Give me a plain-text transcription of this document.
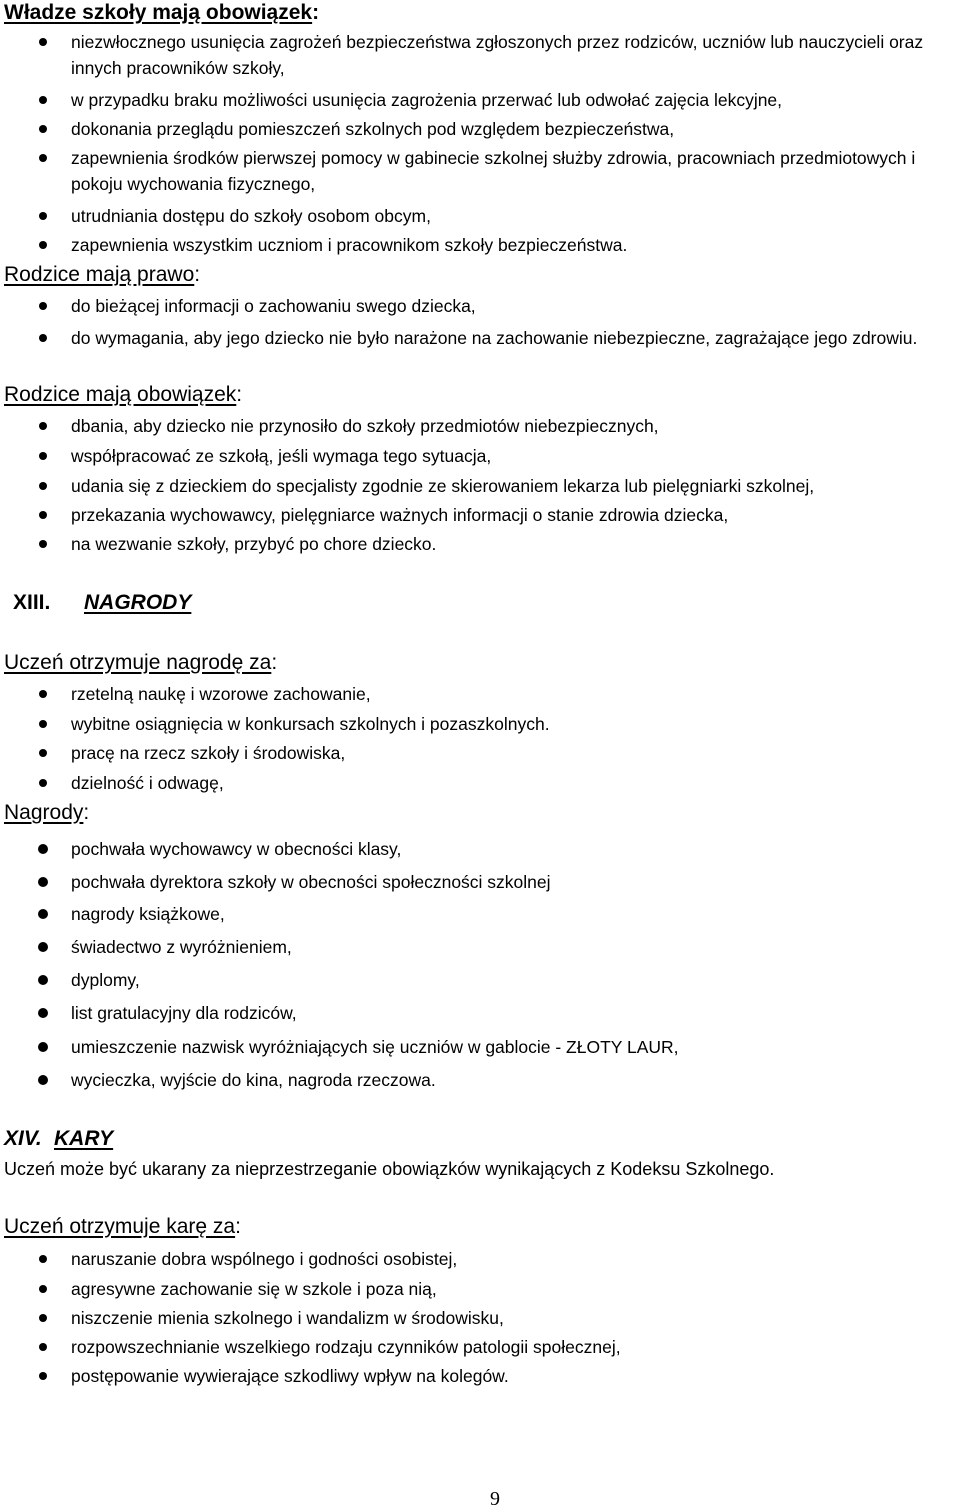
Władze szkoły mają obowiązek:
niezwłocznego usunięcia zagrożeń bezpieczeństwa zgłoszonych przez rodziców, uczniów lub nauczycieli oraz innych pracowników szkoły,
w przypadku braku możliwości usunięcia zagrożenia przerwać lub odwołać zajęcia lekcyjne,
dokonania przeglądu pomieszczeń szkolnych pod względem bezpieczeństwa,
zapewnienia środków pierwszej pomocy w gabinecie szkolnej służby zdrowia, pracowniach przedmiotowych i pokoju wychowania fizycznego,
utrudniania dostępu do szkoły osobom obcym,
zapewnienia wszystkim uczniom i pracownikom szkoły bezpieczeństwa.
Rodzice mają prawo:
do bieżącej informacji o zachowaniu swego dziecka,
do wymagania, aby jego dziecko nie było narażone na zachowanie niebezpieczne, zagrażające jego zdrowiu.
Rodzice mają obowiązek:
dbania, aby dziecko nie przynosiło do szkoły przedmiotów niebezpiecznych,
współpracować ze szkołą, jeśli wymaga tego sytuacja,
udania się z dzieckiem do specjalisty zgodnie ze skierowaniem lekarza lub pielęgniarki szkolnej,
przekazania wychowawcy, pielęgniarce ważnych informacji o stanie zdrowia dziecka,
na wezwanie szkoły, przybyć po chore dziecko.
XIII. NAGRODY
Uczeń otrzymuje nagrodę za:
rzetelną naukę i wzorowe zachowanie,
wybitne osiągnięcia w konkursach szkolnych i pozaszkolnych.
pracę na rzecz szkoły i środowiska,
dzielność i odwagę,
Nagrody:
pochwała wychowawcy w obecności klasy,
pochwała dyrektora szkoły w obecności społeczności szkolnej
nagrody książkowe,
świadectwo z wyróżnieniem,
dyplomy,
list gratulacyjny dla rodziców,
umieszczenie nazwisk wyróżniających się uczniów w gablocie - ZŁOTY LAUR,
wycieczka, wyjście do kina, nagroda rzeczowa.
XIV. KARY
Uczeń może być ukarany za nieprzestrzeganie obowiązków wynikających z Kodeksu Szkolnego.
Uczeń otrzymuje karę za:
naruszanie dobra wspólnego i godności osobistej,
agresywne zachowanie się w szkole i poza nią,
niszczenie mienia szkolnego i wandalizm w środowisku,
rozpowszechnianie wszelkiego rodzaju czynników patologii społecznej,
postępowanie wywierające szkodliwy wpływ na kolegów.
9
